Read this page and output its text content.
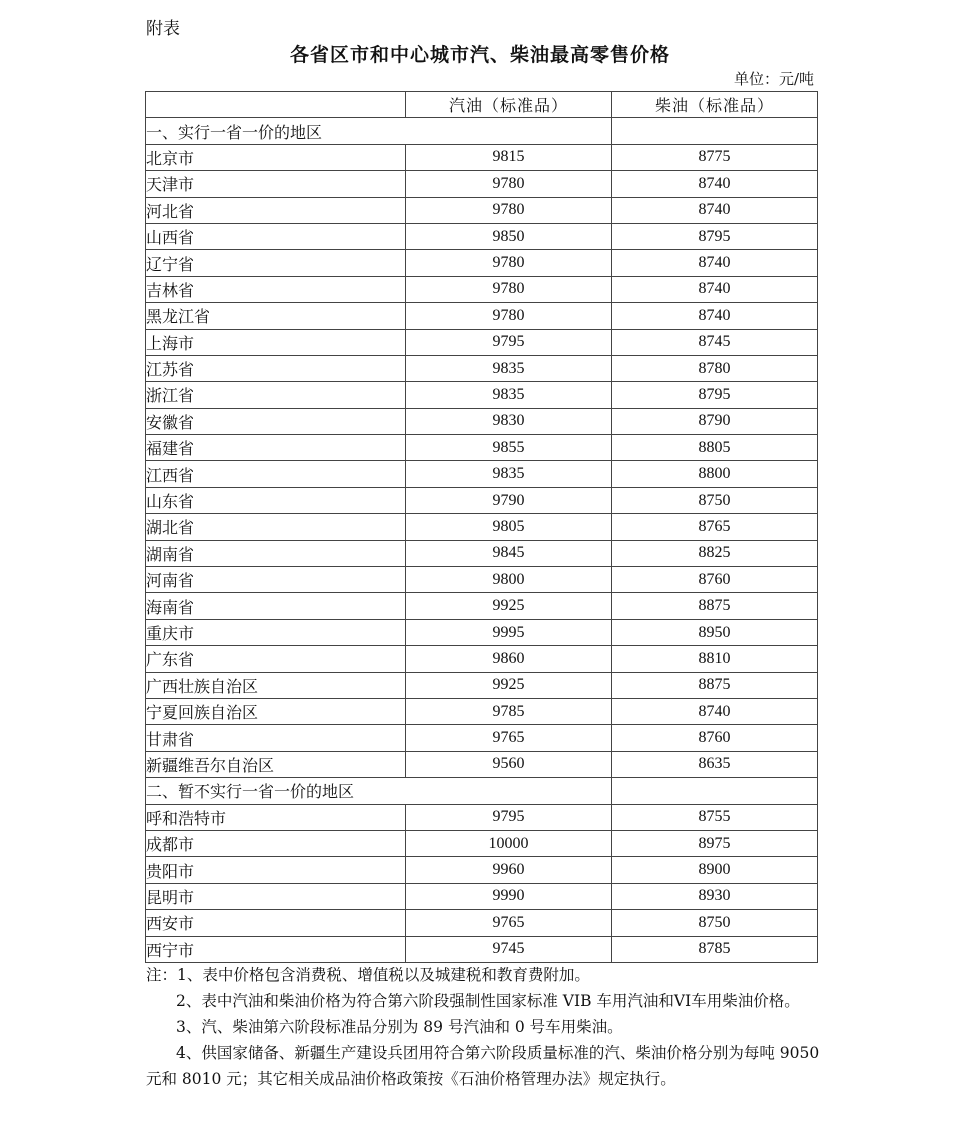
附表
各省区市和中心城市汽、柴油最高零售价格
单位：元/吨
	汽油（标准品）	柴油（标准品）
一、实行一省一价的地区		
北京市	9815	8775
天津市	9780	8740
河北省	9780	8740
山西省	9850	8795
辽宁省	9780	8740
吉林省	9780	8740
黑龙江省	9780	8740
上海市	9795	8745
江苏省	9835	8780
浙江省	9835	8795
安徽省	9830	8790
福建省	9855	8805
江西省	9835	8800
山东省	9790	8750
湖北省	9805	8765
湖南省	9845	8825
河南省	9800	8760
海南省	9925	8875
重庆市	9995	8950
广东省	9860	8810
广西壮族自治区	9925	8875
宁夏回族自治区	9785	8740
甘肃省	9765	8760
新疆维吾尔自治区	9560	8635
二、暂不实行一省一价的地区		
呼和浩特市	9795	8755
成都市	10000	8975
贵阳市	9960	8900
昆明市	9990	8930
西安市	9765	8750
西宁市	9745	8785

注：1、表中价格包含消费税、增值税以及城建税和教育费附加。

2、表中汽油和柴油价格为符合第六阶段强制性国家标准 VIB 车用汽油和VI车用柴油价格。

3、汽、柴油第六阶段标准品分别为 89 号汽油和 0 号车用柴油。

4、供国家储备、新疆生产建设兵团用符合第六阶段质量标准的汽、柴油价格分别为每吨 9050 元和 8010 元；其它相关成品油价格政策按《石油价格管理办法》规定执行。
